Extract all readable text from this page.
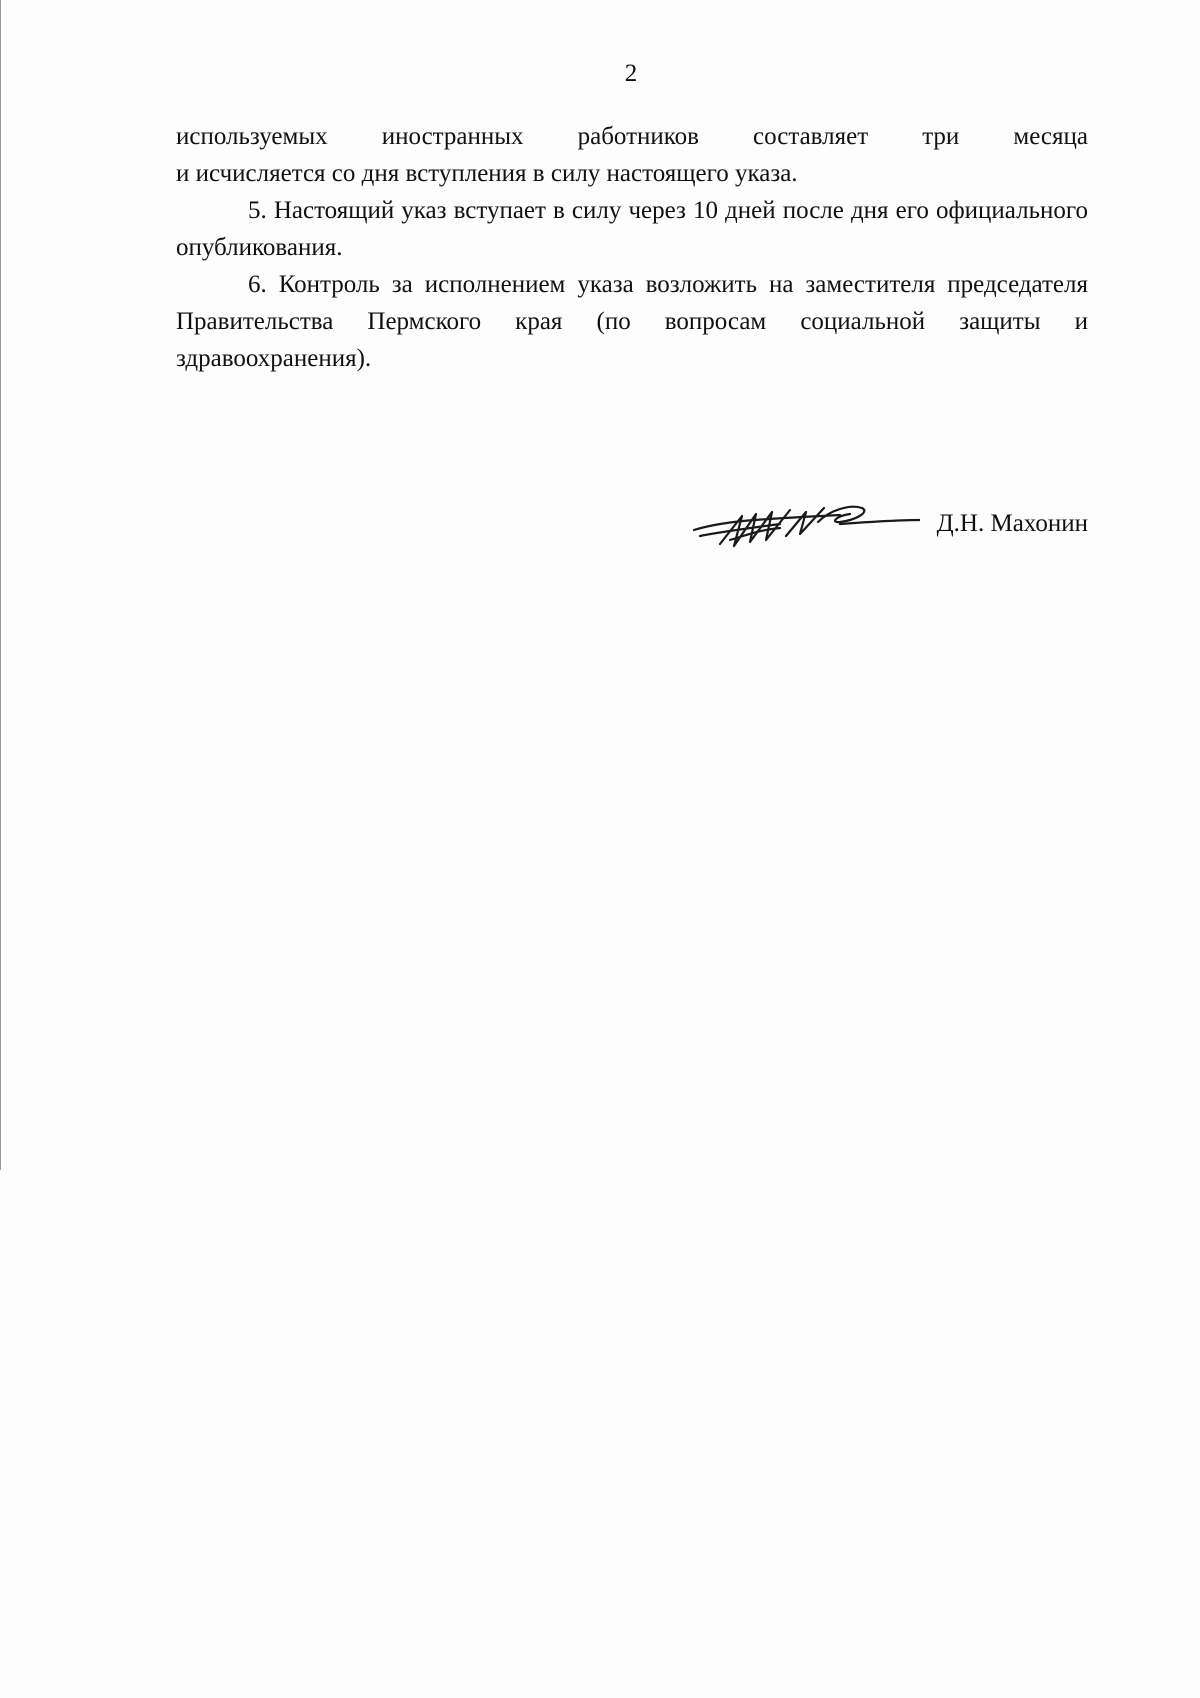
2

используемых иностранных работников составляет три месяца
и исчисляется со дня вступления в силу настоящего указа.

5. Настоящий указ вступает в силу через 10 дней после дня его официального опубликования.

6. Контроль за исполнением указа возложить на заместителя председателя Правительства Пермского края (по вопросам социальной защиты и здравоохранения).

Д.Н. Махонин
